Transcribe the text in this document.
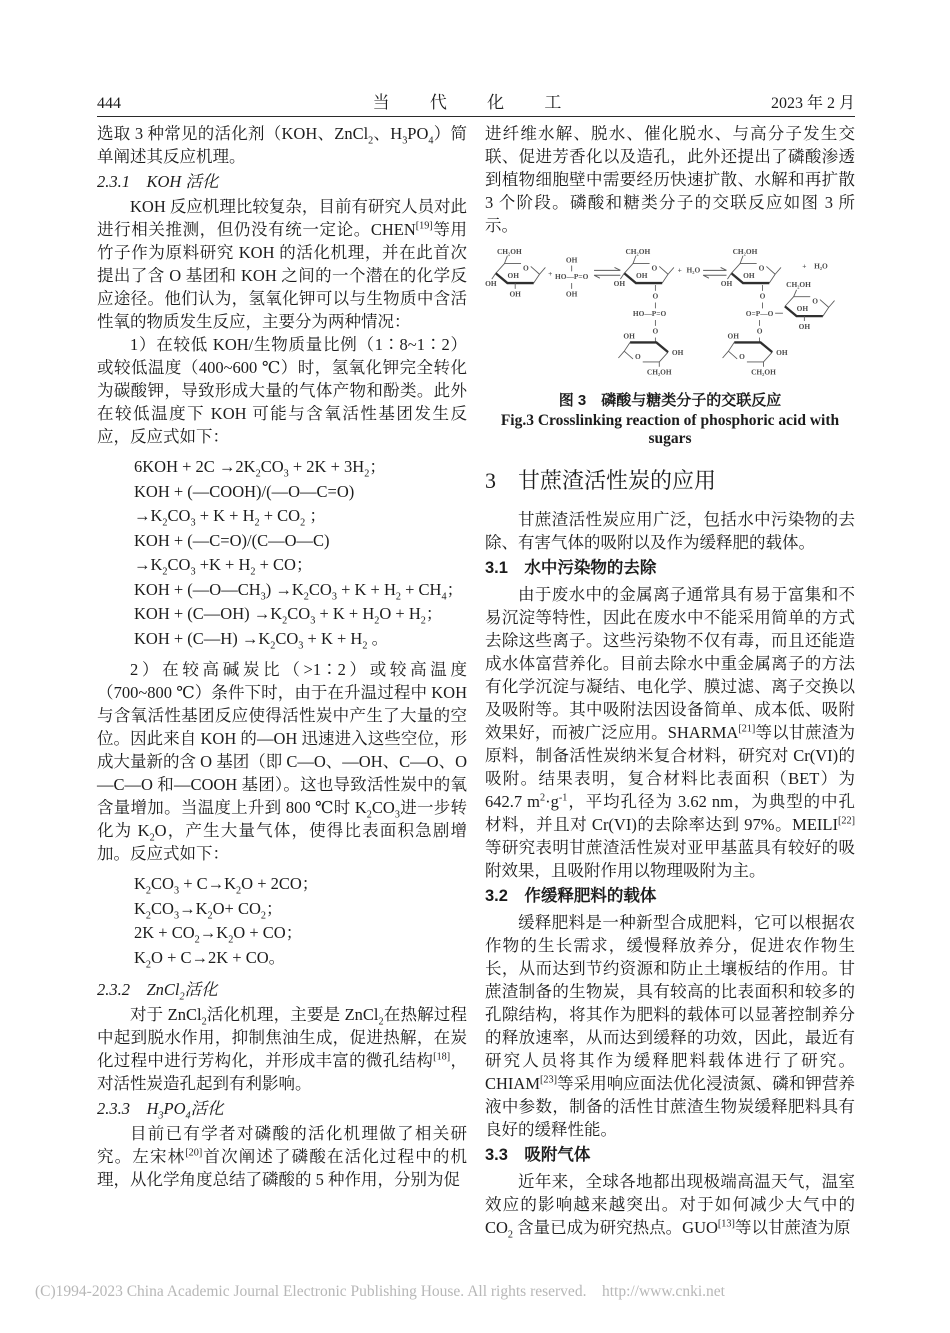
444	当 代 化 工	2023 年 2 月

选取 3 种常见的活化剂（KOH、ZnCl$_2$、$H_3PO_4$）简单阐述其反应机理。

2.3.1　KOH 活化

KOH 反应机理比较复杂，目前有研究人员对此进行相关推测，但仍没有统一定论。CHEN[19]等用竹子作为原料研究 KOH 的活化机理，并在此首次提出了含 O 基团和 KOH 之间的一个潜在的化学反应途径。他们认为，氢氧化钾可以与生物质中含活性氧的物质发生反应，主要分为两种情况：

1）在较低 KOH/生物质量比例（1∶8~1∶2）或较低温度（400~600 ℃）时，氢氧化钾完全转化为碳酸钾，导致形成大量的气体产物和酚类。此外在较低温度下 KOH 可能与含氧活性基团发生反应，反应式如下：

$6KOH + 2C \to 2K_2CO_3 + 2K + 3H_2$；
KOH + (—COOH)/(—O—C=O)
$\to K_2CO_3 + K + H_2 + CO_2$ ；
KOH + (—C=O)/(C—O—C)
$\to K_2CO_3 +K + H_2$ + CO；
KOH + $(—O—CH_3) \to K_2CO_3 + K + H_2 + CH_4$；
KOH + (C—OH) $\to K_2CO_3 + K + H_2O + H_2$；
KOH + (C—H) $\to K_2CO_3 + K + H_2$ 。

2）在较高碱炭比（>1∶2）或较高温度（700~800 ℃）条件下时，由于在升温过程中 KOH 与含氧活性基团反应使得活性炭中产生了大量的空位。因此来自 KOH 的—OH 迅速进入这些空位，形成大量新的含 O 基团（即 C—O、—OH、C—O、O—C—O 和—COOH 基团）。这也导致活性炭中的氧含量增加。当温度上升到 800 ℃时 $K_2CO_3$进一步转化为 $K_2O$，产生大量气体，使得比表面积急剧增加。反应式如下：

$K_2CO_3 + C\to K_2O + 2CO$；
$K_2CO_3\to K_2O+ CO_2$；
$2K + CO_2\to K_2O$ + CO；
$K_2O + C\to 2K$ + CO。
2.3.2　ZnCl$_2$活化

对于 ZnCl$_2$活化机理，主要是 ZnCl$_2$在热解过程中起到脱水作用，抑制焦油生成，促进热解，在炭化过程中进行芳构化，并形成丰富的微孔结构[18]，对活性炭造孔起到有利影响。

2.3.3　$H_3PO_4$活化

目前已有学者对磷酸的活化机理做了相关研究。左宋林[20]首次阐述了磷酸在活化过程中的机理，从化学角度总结了磷酸的 5 种作用，分别为促

进纤维水解、脱水、催化脱水、与高分子发生交联、促进芳香化以及造孔，此外还提出了磷酸渗透到植物细胞壁中需要经历快速扩散、水解和再扩散 3 个阶段。磷酸和糖类分子的交联反应如图 3 所示。

CH₂OH
O
OH
OH
OH
+
OH
HO—P=O
OH
CH₂OH
O
OH
OH
O
HO—P=O
O
OH
OH
O
CH₂OH
+ H₂O
CH₂OH
O
OH
OH
O
O=P—O
CH₂OH
O
OH
OH
O
OH
OH
O
CH₂OH
+ H₂O
图 3　磷酸与糖类分子的交联反应
Fig.3 Crosslinking reaction of phosphoric acid with sugars
3　甘蔗渣活性炭的应用

甘蔗渣活性炭应用广泛，包括水中污染物的去除、有害气体的吸附以及作为缓释肥的载体。

3.1　水中污染物的去除

由于废水中的金属离子通常具有易于富集和不易沉淀等特性，因此在废水中不能采用简单的方式去除这些离子。这些污染物不仅有毒，而且还能造成水体富营养化。目前去除水中重金属离子的方法有化学沉淀与凝结、电化学、膜过滤、离子交换以及吸附等。其中吸附法因设备简单、成本低、吸附效果好，而被广泛应用。SHARMA[21]等以甘蔗渣为原料，制备活性炭纳米复合材料，研究对 Cr(VI)的吸附。结果表明，复合材料比表面积（BET）为642.7 $m^2\cdot g^{-1}$，平均孔径为 3.62 nm，为典型的中孔材料，并且对 Cr(VI)的去除率达到 97%。MEILI[22]等研究表明甘蔗渣活性炭对亚甲基蓝具有较好的吸附效果，且吸附作用以物理吸附为主。

3.2　作缓释肥料的载体

缓释肥料是一种新型合成肥料，它可以根据农作物的生长需求，缓慢释放养分，促进农作物生长，从而达到节约资源和防止土壤板结的作用。甘蔗渣制备的生物炭，具有较高的比表面积和较多的孔隙结构，将其作为肥料的载体可以显著控制养分的释放速率，从而达到缓释的功效，因此，最近有研究人员将其作为缓释肥料载体进行了研究。CHIAM[23]等采用响应面法优化浸渍氮、磷和钾营养液中参数，制备的活性甘蔗渣生物炭缓释肥料具有良好的缓释性能。

3.3　吸附气体

近年来，全球各地都出现极端高温天气，温室效应的影响越来越突出。对于如何减少大气中的$CO_2$ 含量已成为研究热点。GUO[13]等以甘蔗渣为原

(C)1994-2023 China Academic Journal Electronic Publishing House. All rights reserved.   http://www.cnki.net
